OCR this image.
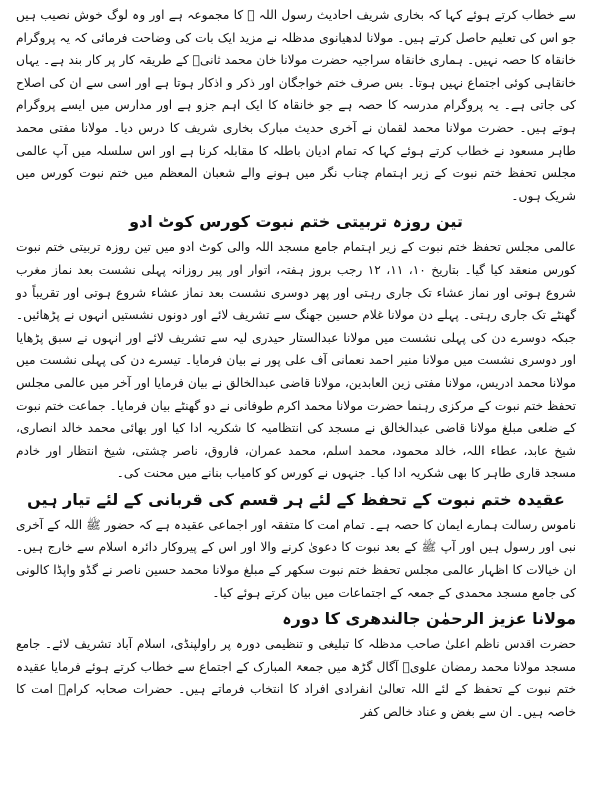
سے خطاب کرتے ہوئے کہا کہ بخاری شریف احادیث رسول اللہ ﷺ کا مجموعہ ہے اور وہ لوگ خوش نصیب ہیں جو اس کی تعلیم حاصل کرتے ہیں۔ مولانا لدھیانوی مدظلہ نے مزید ایک بات کی وضاحت فرمائی کہ یہ پروگرام خانقاہ کا حصہ نہیں۔ ہماری خانقاہ سراجیہ حضرت مولانا خان محمد ثانیؒ کے طریقہ کار پر کار بند ہے۔ یہاں خانقاہی کوئی اجتماع نہیں ہوتا۔ بس صرف ختم خواجگان اور ذکر و اذکار ہوتا ہے اور اسی سے ان کی اصلاح کی جاتی ہے۔ یہ پروگرام مدرسہ کا حصہ ہے جو خانقاہ کا ایک اہم جزو ہے اور مدارس میں ایسے پروگرام ہوتے ہیں۔ حضرت مولانا محمد لقمان نے آخری حدیث مبارک بخاری شریف کا درس دیا۔ مولانا مفتی محمد طاہر مسعود نے خطاب کرتے ہوئے کہا کہ تمام ادیان باطلہ کا مقابلہ کرنا ہے اور اس سلسلہ میں آپ عالمی مجلس تحفظ ختم نبوت کے زیر اہتمام چناب نگر میں ہونے والے شعبان المعظم میں ختم نبوت کورس میں شریک ہوں۔

تین روزہ تربیتی ختم نبوت کورس کوٹ ادو

عالمی مجلس تحفظ ختم نبوت کے زیر اہتمام جامع مسجد اللہ والی کوٹ ادو میں تین روزہ تربیتی ختم نبوت کورس منعقد کیا گیا۔ بتاریخ ۱۰، ۱۱، ۱۲ رجب بروز ہفتہ، اتوار اور پیر روزانہ پہلی نشست بعد نماز مغرب شروع ہوتی اور نماز عشاء تک جاری رہتی اور پھر دوسری نشست بعد نماز عشاء شروع ہوتی اور تقریباً دو گھنٹے تک جاری رہتی۔ پہلے دن مولانا غلام حسین جھنگ سے تشریف لائے اور دونوں نشستیں انہوں نے پڑھائیں۔ جبکہ دوسرے دن کی پہلی نشست میں مولانا عبدالستار حیدری لیہ سے تشریف لائے اور انہوں نے سبق پڑھایا اور دوسری نشست میں مولانا منیر احمد نعمانی آف علی پور نے بیان فرمایا۔ تیسرے دن کی پہلی نشست میں مولانا محمد ادریس، مولانا مفتی زین العابدین، مولانا قاضی عبدالخالق نے بیان فرمایا اور آخر میں عالمی مجلس تحفظ ختم نبوت کے مرکزی رہنما حضرت مولانا محمد اکرم طوفانی نے دو گھنٹے بیان فرمایا۔ جماعت ختم نبوت کے ضلعی مبلغ مولانا قاضی عبدالخالق نے مسجد کی انتظامیہ کا شکریہ ادا کیا اور بھائی محمد خالد انصاری، شیخ عابد، عطاء اللہ، خالد محمود، محمد اسلم، محمد عمران، فاروق، ناصر چشتی، شیخ انتظار اور خادم مسجد قاری طاہر کا بھی شکریہ ادا کیا۔ جنہوں نے کورس کو کامیاب بنانے میں محنت کی۔

عقیدہ ختم نبوت کے تحفظ کے لئے ہر قسم کی قربانی کے لئے تیار ہیں

ناموس رسالت ہمارے ایمان کا حصہ ہے۔ تمام امت کا متفقہ اور اجماعی عقیدہ ہے کہ حضور ﷺ اللہ کے آخری نبی اور رسول ہیں اور آپ ﷺ کے بعد نبوت کا دعویٰ کرنے والا اور اس کے پیروکار دائرہ اسلام سے خارج ہیں۔ ان خیالات کا اظہار عالمی مجلس تحفظ ختم نبوت سکھر کے مبلغ مولانا محمد حسین ناصر نے گڈو واپڈا کالونی کی جامع مسجد محمدی کے جمعہ کے اجتماعات میں بیان کرتے ہوئے کیا۔

مولانا عزیز الرحمٰن جالندھری کا دورہ

حضرت اقدس ناظم اعلیٰ صاحب مدظلہ کا تبلیغی و تنظیمی دورہ پر راولپنڈی، اسلام آباد تشریف لائے۔ جامع مسجد مولانا محمد رمضان علویؒ آگال گڑھ میں جمعۃ المبارک کے اجتماع سے خطاب کرتے ہوئے فرمایا عقیدہ ختم نبوت کے تحفظ کے لئے اللہ تعالیٰ انفرادی افراد کا انتخاب فرماتے ہیں۔ حضرات صحابہ کرامؓ امت کا خاصہ ہیں۔ ان سے بغض و عناد خالص کفر
